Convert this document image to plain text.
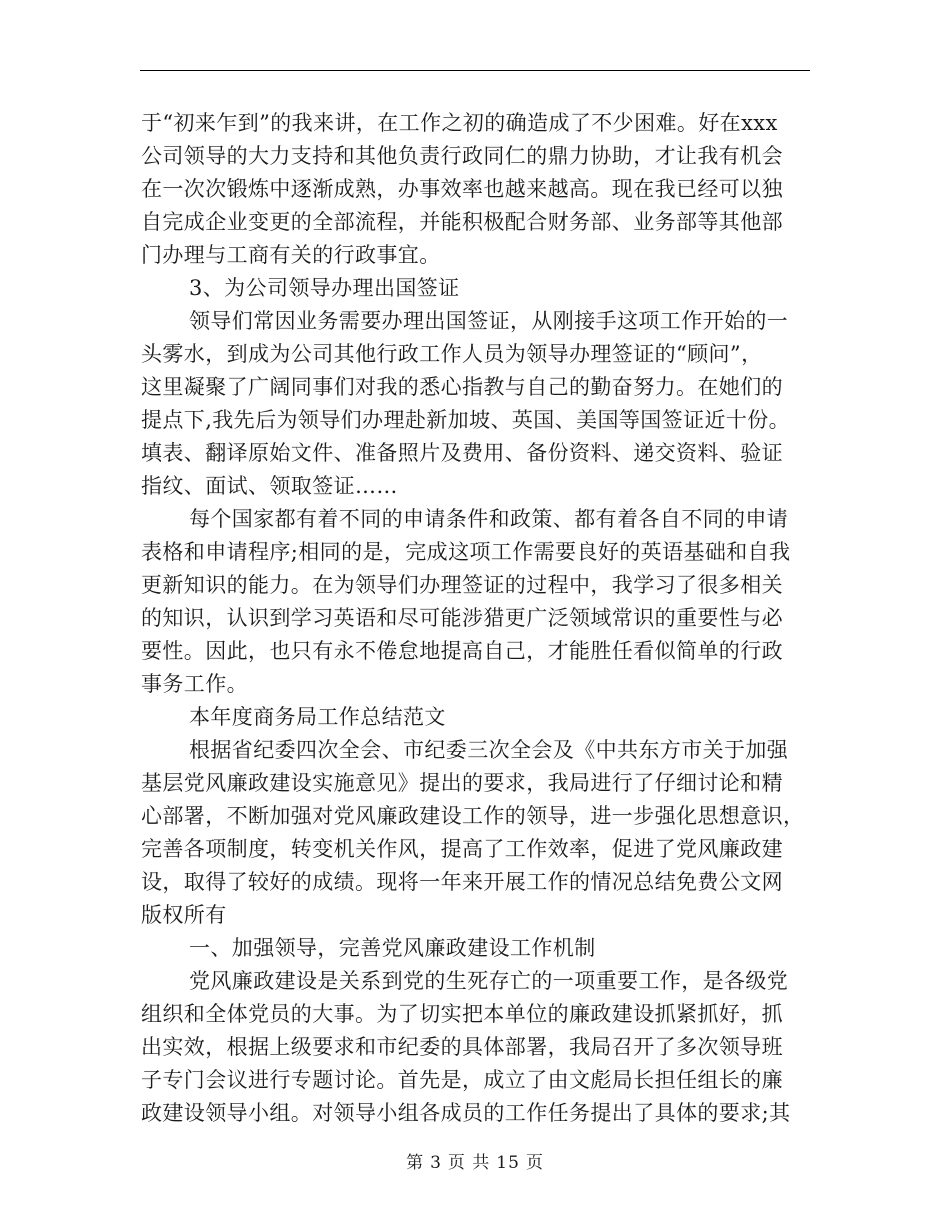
于“初来乍到”的我来讲，在工作之初的确造成了不少困难。好在xxx
公司领导的大力支持和其他负责行政同仁的鼎力协助，才让我有机会
在一次次锻炼中逐渐成熟，办事效率也越来越高。现在我已经可以独
自完成企业变更的全部流程，并能积极配合财务部、业务部等其他部
门办理与工商有关的行政事宜。
3、为公司领导办理出国签证
领导们常因业务需要办理出国签证，从刚接手这项工作开始的一
头雾水，到成为公司其他行政工作人员为领导办理签证的“顾问”，
这里凝聚了广阔同事们对我的悉心指教与自己的勤奋努力。在她们的
提点下,我先后为领导们办理赴新加坡、英国、美国等国签证近十份。
填表、翻译原始文件、准备照片及费用、备份资料、递交资料、验证
指纹、面试、领取签证……
每个国家都有着不同的申请条件和政策、都有着各自不同的申请
表格和申请程序;相同的是，完成这项工作需要良好的英语基础和自我
更新知识的能力。在为领导们办理签证的过程中，我学习了很多相关
的知识，认识到学习英语和尽可能涉猎更广泛领域常识的重要性与必
要性。因此，也只有永不倦怠地提高自己，才能胜任看似简单的行政
事务工作。
本年度商务局工作总结范文
根据省纪委四次全会、市纪委三次全会及《中共东方市关于加强
基层党风廉政建设实施意见》提出的要求，我局进行了仔细讨论和精
心部署，不断加强对党风廉政建设工作的领导，进一步强化思想意识，
完善各项制度，转变机关作风，提高了工作效率，促进了党风廉政建
设，取得了较好的成绩。现将一年来开展工作的情况总结免费公文网
版权所有
一、加强领导，完善党风廉政建设工作机制
党风廉政建设是关系到党的生死存亡的一项重要工作，是各级党
组织和全体党员的大事。为了切实把本单位的廉政建设抓紧抓好，抓
出实效，根据上级要求和市纪委的具体部署，我局召开了多次领导班
子专门会议进行专题讨论。首先是，成立了由文彪局长担任组长的廉
政建设领导小组。对领导小组各成员的工作任务提出了具体的要求;其
第 3 页 共 15 页
